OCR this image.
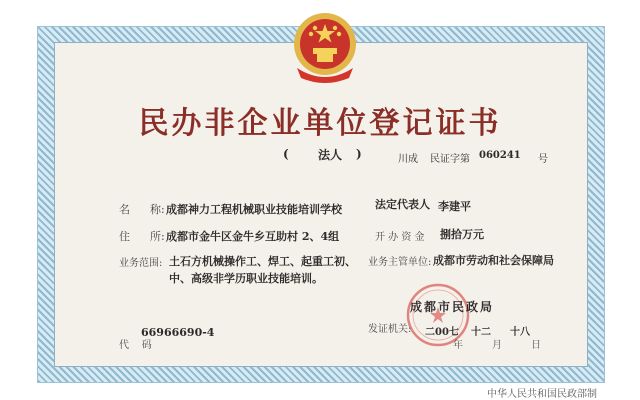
民办非企业单位登记证书
( 法人 )	川成 民证字第 060241 号
名 称: 成都神力工程机械职业技能培训学校	法定代表人 李建平
住 所: 成都市金牛区金牛乡互助村 2、4组	开 办 资 金 捌拾万元
业务范围: 土石方机械操作工、焊工、起重工初、
中、高级非学历职业技能培训。
业务主管单位: 成都市劳动和社会保障局
66966690-4
代    码
成都市民政局
发证机关: 二00七 十二 十八
年	月	日
中华人民共和国民政部制
